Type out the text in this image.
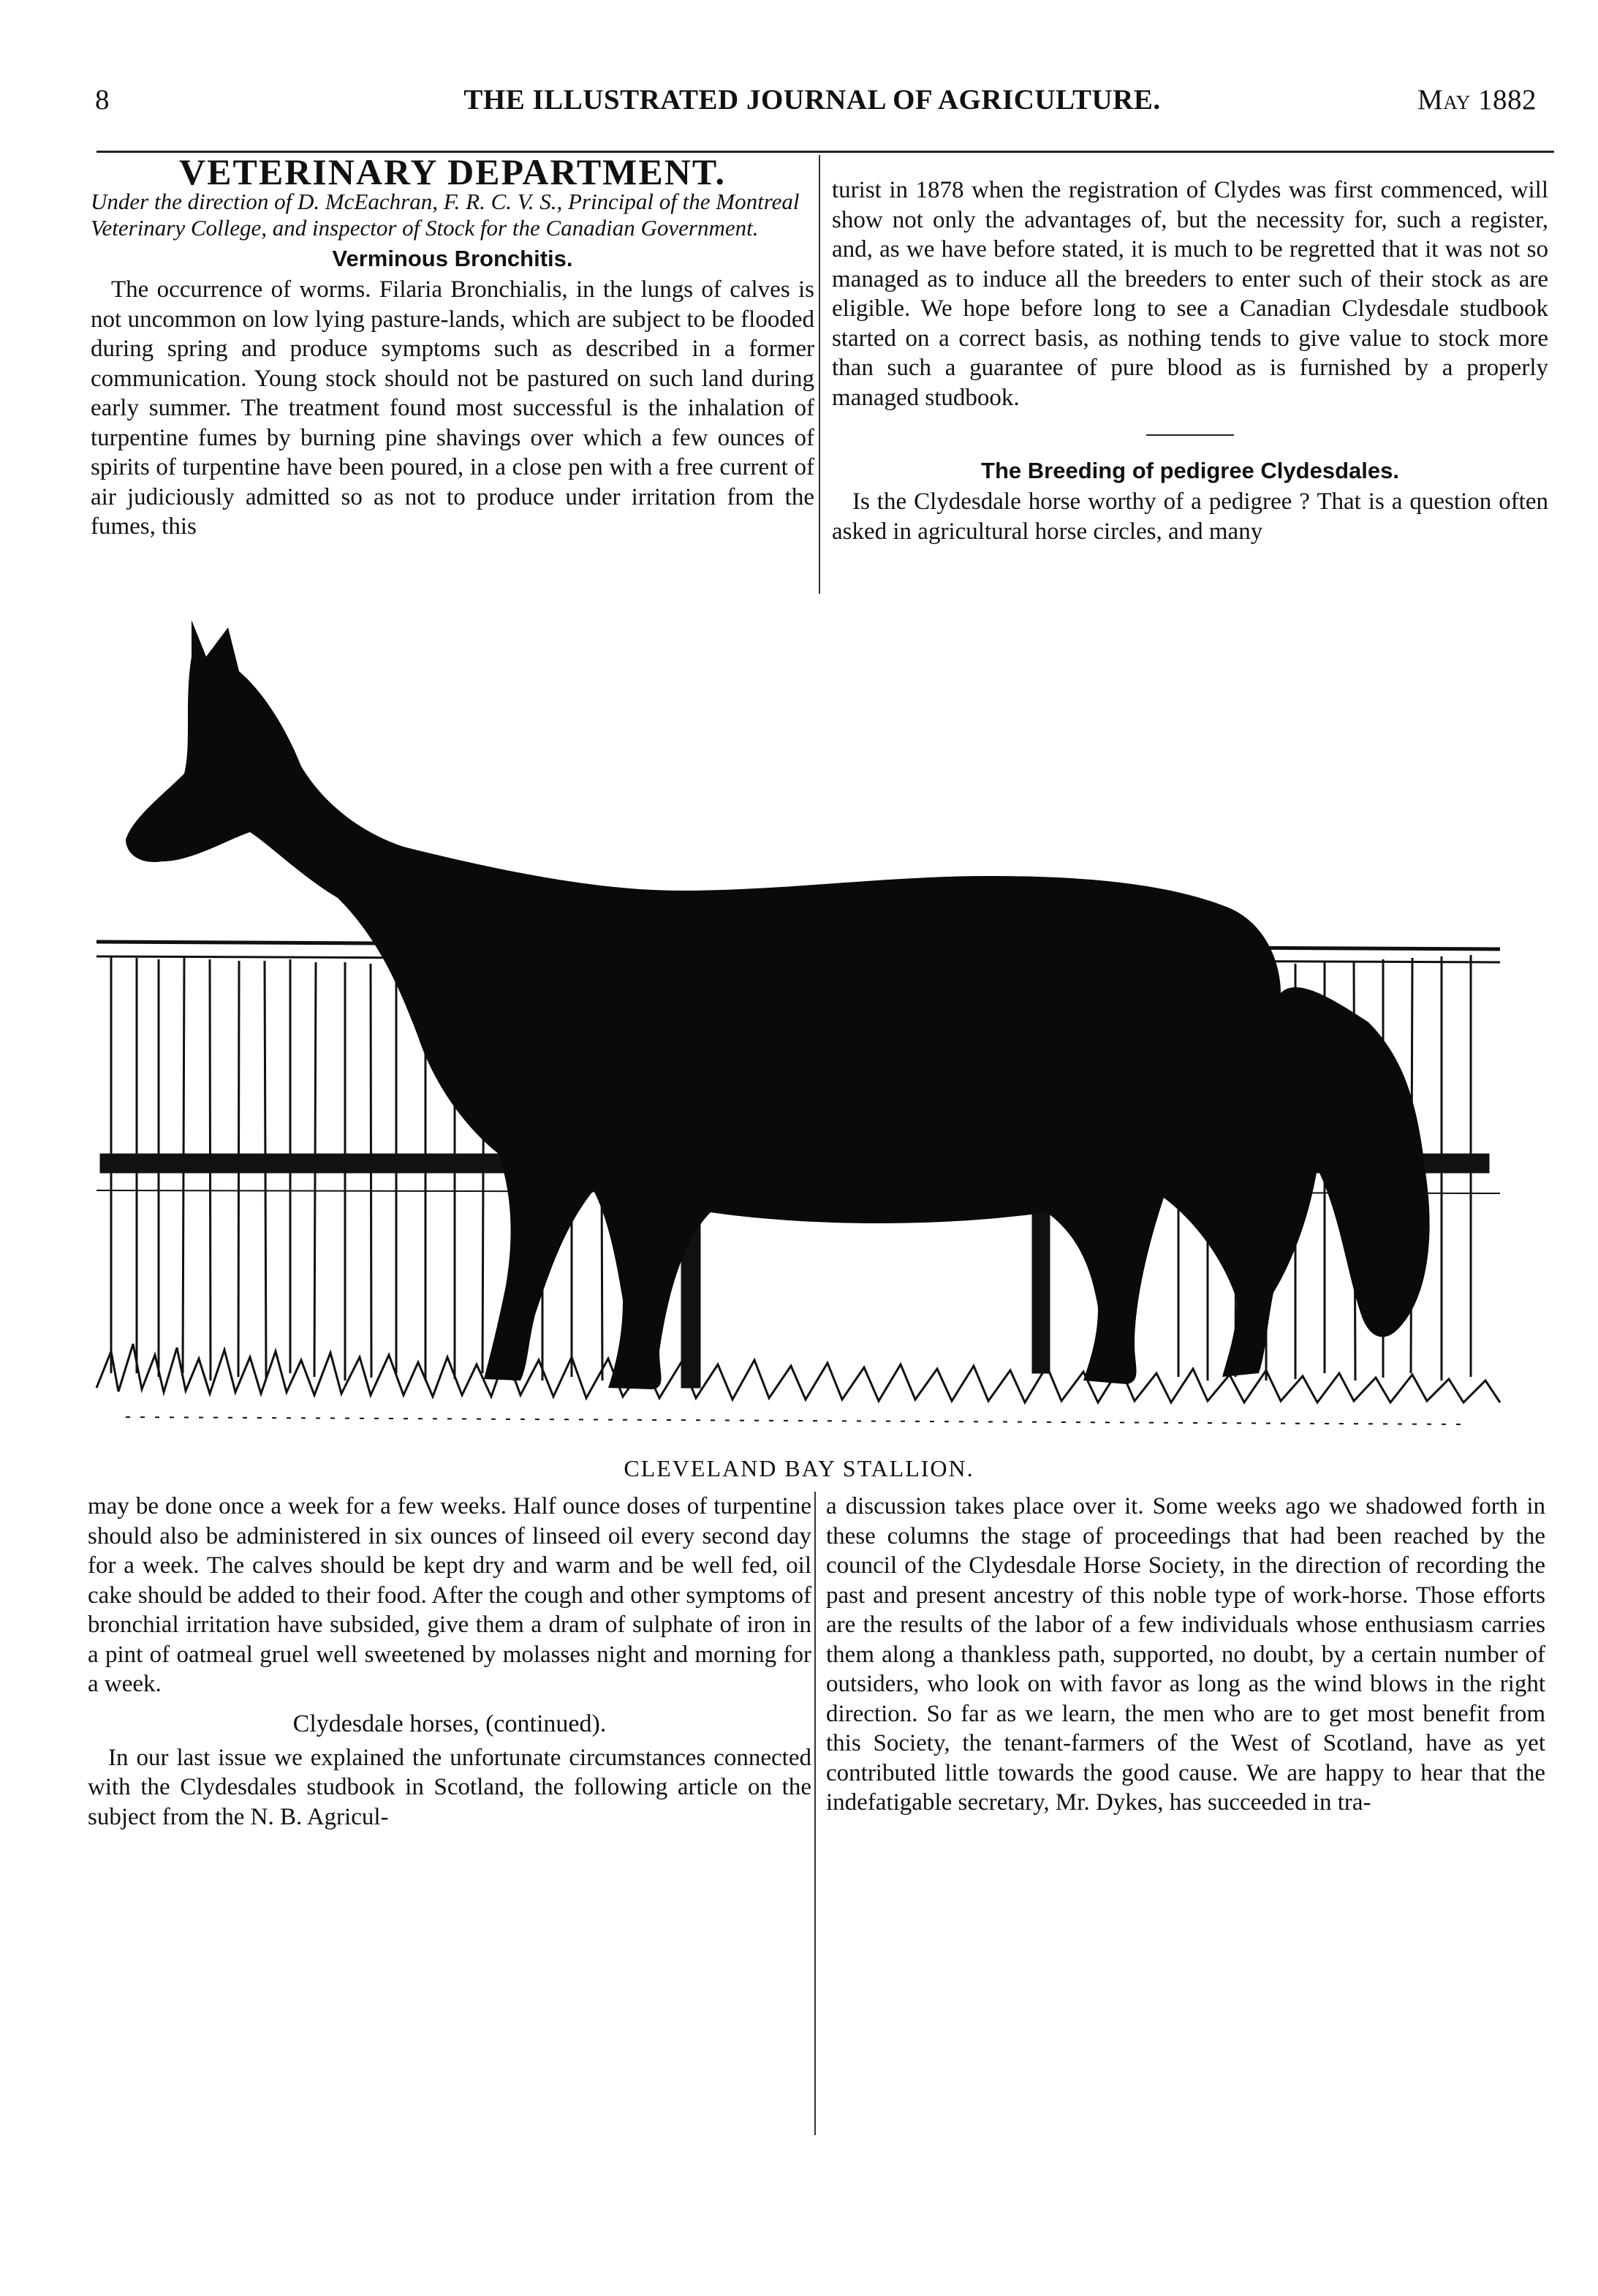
8	THE ILLUSTRATED JOURNAL OF AGRICULTURE.	May 1882
VETERINARY DEPARTMENT.
Under the direction of D. McEachran, F. R. C. V. S., Principal of the Montreal Veterinary College, and inspector of Stock for the Canadian Government.
Verminous Bronchitis.

The occurrence of worms. Filaria Bronchialis, in the lungs of calves is not uncommon on low lying pasture-lands, which are subject to be flooded during spring and produce symptoms such as described in a former communication. Young stock should not be pastured on such land during early summer. The treatment found most successful is the inhalation of turpentine fumes by burning pine shavings over which a few ounces of spirits of turpentine have been poured, in a close pen with a free current of air judiciously admitted so as not to produce under irritation from the fumes, this

turist in 1878 when the registration of Clydes was first commenced, will show not only the advantages of, but the necessity for, such a register, and, as we have before stated, it is much to be regretted that it was not so managed as to induce all the breeders to enter such of their stock as are eligible. We hope before long to see a Canadian Clydesdale studbook started on a correct basis, as nothing tends to give value to stock more than such a guarantee of pure blood as is furnished by a properly managed studbook.

The Breeding of pedigree Clydesdales.

Is the Clydesdale horse worthy of a pedigree ? That is a question often asked in agricultural horse circles, and many

CLEVELAND BAY STALLION.

may be done once a week for a few weeks. Half ounce doses of turpentine should also be administered in six ounces of linseed oil every second day for a week. The calves should be kept dry and warm and be well fed, oil cake should be added to their food. After the cough and other symptoms of bronchial irritation have subsided, give them a dram of sulphate of iron in a pint of oatmeal gruel well sweetened by molasses night and morning for a week.

Clydesdale horses, (continued).

In our last issue we explained the unfortunate circumstances connected with the Clydesdales studbook in Scotland, the following article on the subject from the N. B. Agricul-

a discussion takes place over it. Some weeks ago we shadowed forth in these columns the stage of proceedings that had been reached by the council of the Clydesdale Horse Society, in the direction of recording the past and present ancestry of this noble type of work-horse. Those efforts are the results of the labor of a few individuals whose enthusiasm carries them along a thankless path, supported, no doubt, by a certain number of outsiders, who look on with favor as long as the wind blows in the right direction. So far as we learn, the men who are to get most benefit from this Society, the tenant-farmers of the West of Scotland, have as yet contributed little towards the good cause. We are happy to hear that the indefatigable secretary, Mr. Dykes, has succeeded in tra-
